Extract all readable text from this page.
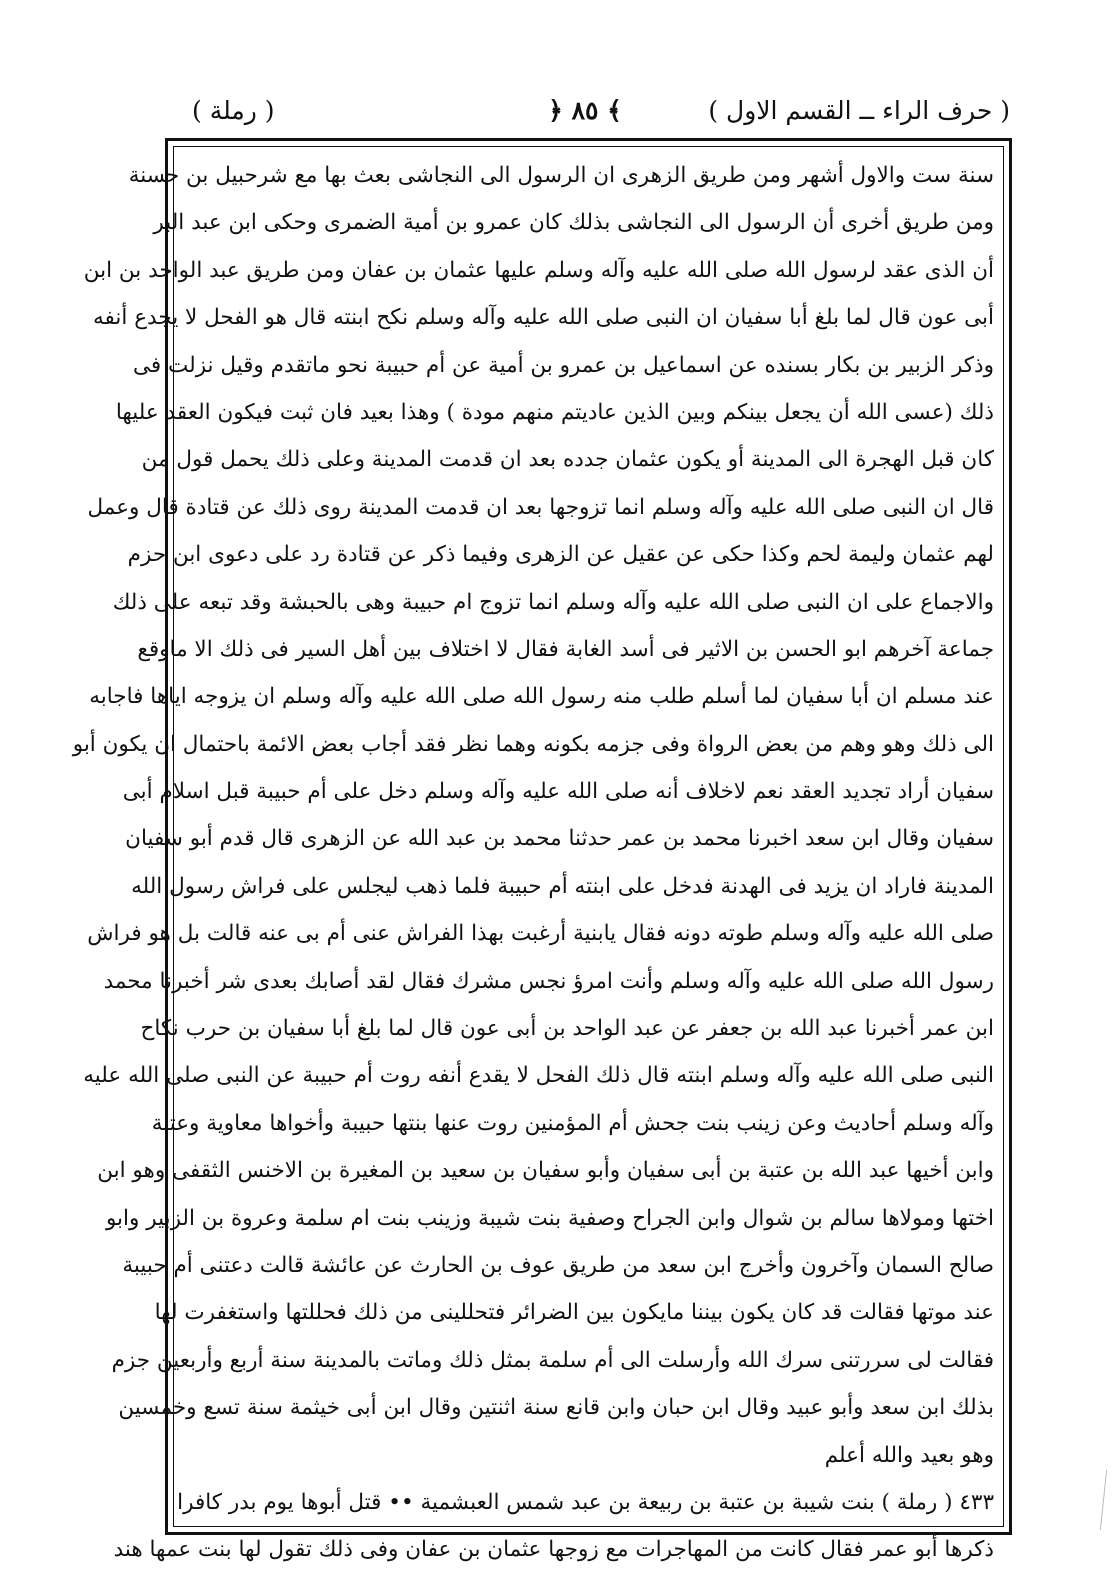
( حرف الراء ــ القسم الاول )
﴿ ٨٥ ﴾
( رملة )
سنة ست والاول أشهر ومن طريق الزهرى ان الرسول الى النجاشى بعث بها مع شرحبيل بن حسنة
ومن طريق أخرى أن الرسول الى النجاشى بذلك كان عمرو بن أمية الضمرى وحكى ابن عبد البر
أن الذى عقد لرسول الله صلى الله عليه وآله وسلم عليها عثمان بن عفان ومن طريق عبد الواحد بن ابن
أبى عون قال لما بلغ أبا سفيان ان النبى صلى الله عليه وآله وسلم نكح ابنته قال هو الفحل لا يجدع أنفه
وذكر الزبير بن بكار بسنده عن اسماعيل بن عمرو بن أمية عن أم حبيبة نحو ماتقدم وقيل نزلت فى
ذلك (عسى الله أن يجعل بينكم وبين الذين عاديتم منهم مودة ) وهذا بعيد فان ثبت فيكون العقد عليها
كان قبل الهجرة الى المدينة أو يكون عثمان جدده بعد ان قدمت المدينة وعلى ذلك يحمل قول من
قال ان النبى صلى الله عليه وآله وسلم انما تزوجها بعد ان قدمت المدينة روى ذلك عن قتادة قال وعمل
لهم عثمان وليمة لحم وكذا حكى عن عقيل عن الزهرى وفيما ذكر عن قتادة رد على دعوى ابن حزم
والاجماع على ان النبى صلى الله عليه وآله وسلم انما تزوج ام حبيبة وهى بالحبشة وقد تبعه على ذلك
جماعة آخرهم ابو الحسن بن الاثير فى أسد الغابة فقال لا اختلاف بين أهل السير فى ذلك الا ماوقع
عند مسلم ان أبا سفيان لما أسلم طلب منه رسول الله صلى الله عليه وآله وسلم ان يزوجه اياها فاجابه
الى ذلك وهو وهم من بعض الرواة وفى جزمه بكونه وهما نظر فقد أجاب بعض الائمة باحتمال ان يكون أبو
سفيان أراد تجديد العقد نعم لاخلاف أنه صلى الله عليه وآله وسلم دخل على أم حبيبة قبل اسلام أبى
سفيان وقال ابن سعد اخبرنا محمد بن عمر حدثنا محمد بن عبد الله عن الزهرى قال قدم أبو سفيان
المدينة فاراد ان يزيد فى الهدنة فدخل على ابنته أم حبيبة فلما ذهب ليجلس على فراش رسول الله
صلى الله عليه وآله وسلم طوته دونه فقال يابنية أرغبت بهذا الفراش عنى أم بى عنه قالت بل هو فراش
رسول الله صلى الله عليه وآله وسلم وأنت امرؤ نجس مشرك فقال لقد أصابك بعدى شر أخبرنا محمد
ابن عمر أخبرنا عبد الله بن جعفر عن عبد الواحد بن أبى عون قال لما بلغ أبا سفيان بن حرب نكاح
النبى صلى الله عليه وآله وسلم ابنته قال ذلك الفحل لا يقدع أنفه روت أم حبيبة عن النبى صلى الله عليه
وآله وسلم أحاديث وعن زينب بنت جحش أم المؤمنين روت عنها بنتها حبيبة وأخواها معاوية وعتبة
وابن أخيها عبد الله بن عتبة بن أبى سفيان وأبو سفيان بن سعيد بن المغيرة بن الاخنس الثقفى وهو ابن
اختها ومولاها سالم بن شوال وابن الجراح وصفية بنت شيبة وزينب بنت ام سلمة وعروة بن الزبير وابو
صالح السمان وآخرون وأخرج ابن سعد من طريق عوف بن الحارث عن عائشة قالت دعتنى أم حبيبة
عند موتها فقالت قد كان يكون بيننا مايكون بين الضرائر فتحللينى من ذلك فحللتها واستغفرت لها
فقالت لى سررتنى سرك الله وأرسلت الى أم سلمة بمثل ذلك وماتت بالمدينة سنة أربع وأربعين جزم
بذلك ابن سعد وأبو عبيد وقال ابن حبان وابن قانع سنة اثنتين وقال ابن أبى خيثمة سنة تسع وخمسين
وهو بعيد والله أعلم
٤٣٣ ( رملة ) بنت شيبة بن عتبة بن ربيعة بن عبد شمس العبشمية •• قتل أبوها يوم بدر كافرا
ذكرها أبو عمر فقال كانت من المهاجرات مع زوجها عثمان بن عفان وفى ذلك تقول لها بنت عمها هند
